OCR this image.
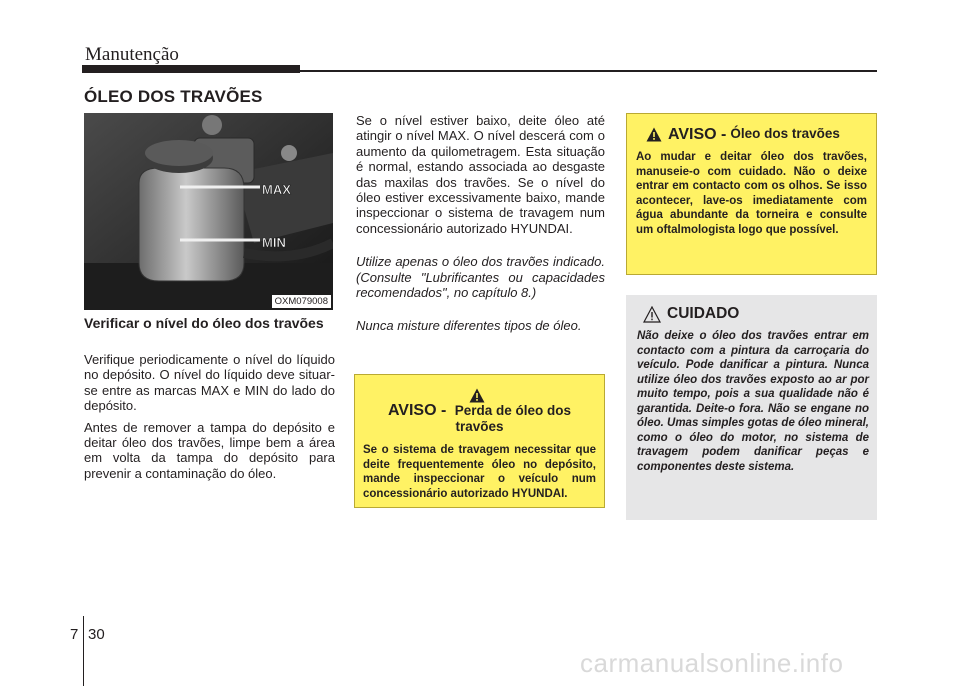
Manutenção
ÓLEO DOS TRAVÕES
MAX
MIN
OXM079008
Verificar o nível do óleo dos travões

Verifique periodicamente o nível do líquido no depósito. O nível do líquido deve situar-se entre as marcas MAX e MIN do lado do depósito.

Antes de remover a tampa do depósito e deitar óleo dos travões, limpe bem a área em volta da tampa do depósito para prevenir a contaminação do óleo.

Se o nível estiver baixo, deite óleo até atingir o nível MAX. O nível descerá com o aumento da quilometragem. Esta situação é normal, estando associada ao desgaste das maxilas dos travões. Se o nível do óleo estiver excessivamente baixo, mande inspeccionar o sistema de travagem num concessionário autorizado HYUNDAI.

Utilize apenas o óleo dos travões indicado. (Consulte "Lubrificantes ou capacidades recomendados", no capítulo 8.)

Nunca misture diferentes tipos de óleo.

AVISO - Perda de óleo dos travões
Se o sistema de travagem necessitar que deite frequentemente óleo no depósito, mande inspeccionar o veículo num concessionário autorizado HYUNDAI.
AVISO - Óleo dos travões
Ao mudar e deitar óleo dos travões, manuseie-o com cuidado. Não o deixe entrar em contacto com os olhos. Se isso acontecer, lave-os imediatamente com água abundante da torneira e consulte um oftalmologista logo que possível.
CUIDADO
Não deixe o óleo dos travões entrar em contacto com a pintura da carroçaria do veículo. Pode danificar a pintura. Nunca utilize óleo dos travões exposto ao ar por muito tempo, pois a sua qualidade não é garantida. Deite-o fora. Não se engane no óleo. Umas simples gotas de óleo mineral, como o óleo do motor, no sistema de travagem podem danificar peças e componentes deste sistema.
7 30
carmanualsonline.info
